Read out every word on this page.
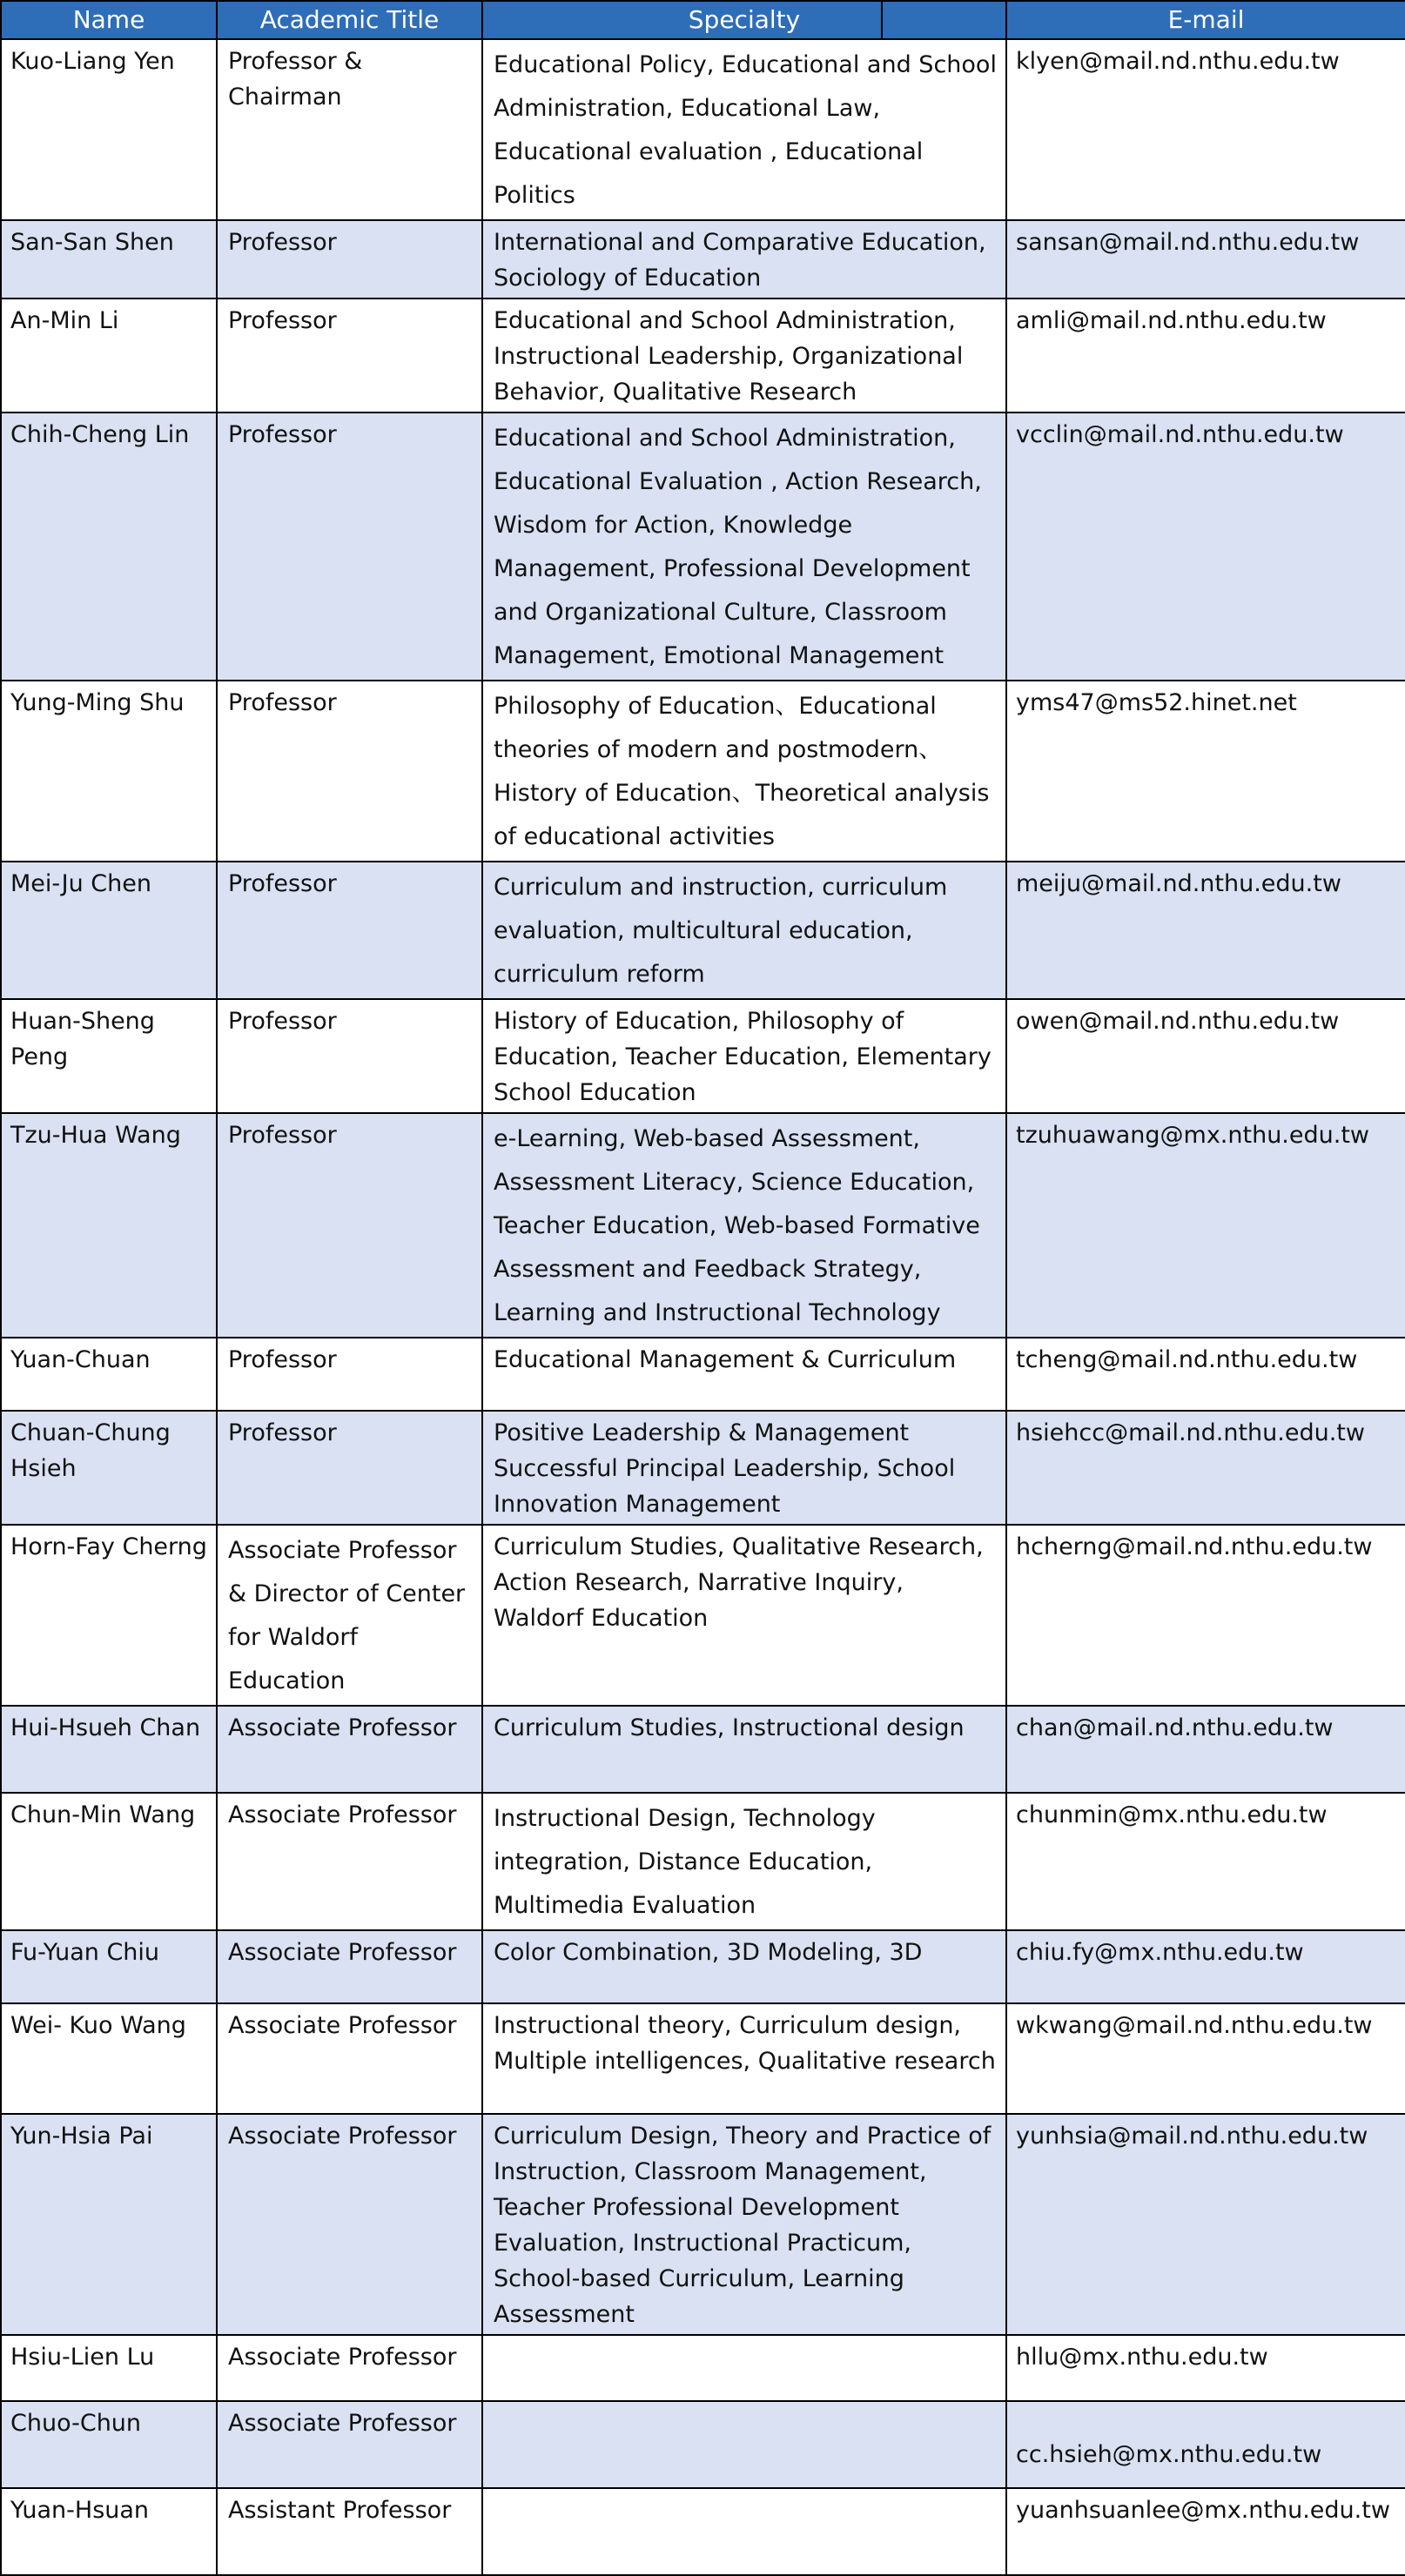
Name	Academic Title	Specialty	E-mail
Kuo-Liang Yen	Professor & Chairman	Educational Policy, Educational and School Administration, Educational Law, Educational evaluation , Educational Politics	klyen@mail.nd.nthu.edu.tw
San-San Shen	Professor	International and Comparative Education, Sociology of Education	sansan@mail.nd.nthu.edu.tw
An-Min Li	Professor	Educational and School Administration, Instructional Leadership, Organizational Behavior, Qualitative Research	amli@mail.nd.nthu.edu.tw
Chih-Cheng Lin	Professor	Educational and School Administration, Educational Evaluation , Action Research, Wisdom for Action, Knowledge Management, Professional Development and Organizational Culture, Classroom Management, Emotional Management	vcclin@mail.nd.nthu.edu.tw
Yung-Ming Shu	Professor	Philosophy of Education、Educational theories of modern and postmodern、History of Education、Theoretical analysis of educational activities	yms47@ms52.hinet.net
Mei-Ju Chen	Professor	Curriculum and instruction, curriculum evaluation, multicultural education, curriculum reform	meiju@mail.nd.nthu.edu.tw
Huan-Sheng Peng	Professor	History of Education, Philosophy of Education, Teacher Education, Elementary School Education	owen@mail.nd.nthu.edu.tw
Tzu-Hua Wang	Professor	e-Learning, Web-based Assessment, Assessment Literacy, Science Education, Teacher Education, Web-based Formative Assessment and Feedback Strategy, Learning and Instructional Technology	tzuhuawang@mx.nthu.edu.tw
Yuan-Chuan	Professor	Educational Management & Curriculum	tcheng@mail.nd.nthu.edu.tw
Chuan-Chung Hsieh	Professor	Positive Leadership & Management Successful Principal Leadership, School Innovation Management	hsiehcc@mail.nd.nthu.edu.tw
Horn-Fay Cherng	Associate Professor & Director of Center for Waldorf Education	Curriculum Studies, Qualitative Research, Action Research, Narrative Inquiry, Waldorf Education	hcherng@mail.nd.nthu.edu.tw
Hui-Hsueh Chan	Associate Professor	Curriculum Studies, Instructional design	chan@mail.nd.nthu.edu.tw
Chun-Min Wang	Associate Professor	Instructional Design, Technology integration, Distance Education, Multimedia Evaluation	chunmin@mx.nthu.edu.tw
Fu-Yuan Chiu	Associate Professor	Color Combination, 3D Modeling, 3D	chiu.fy@mx.nthu.edu.tw
Wei- Kuo Wang	Associate Professor	Instructional theory, Curriculum design, Multiple intelligences, Qualitative research	wkwang@mail.nd.nthu.edu.tw
Yun-Hsia Pai	Associate Professor	Curriculum Design, Theory and Practice of Instruction, Classroom Management, Teacher Professional Development Evaluation, Instructional Practicum, School-based Curriculum, Learning Assessment	yunhsia@mail.nd.nthu.edu.tw
Hsiu-Lien Lu	Associate Professor		hllu@mx.nthu.edu.tw
Chuo-Chun	Associate Professor		cc.hsieh@mx.nthu.edu.tw
Yuan-Hsuan	Assistant Professor		yuanhsuanlee@mx.nthu.edu.tw
